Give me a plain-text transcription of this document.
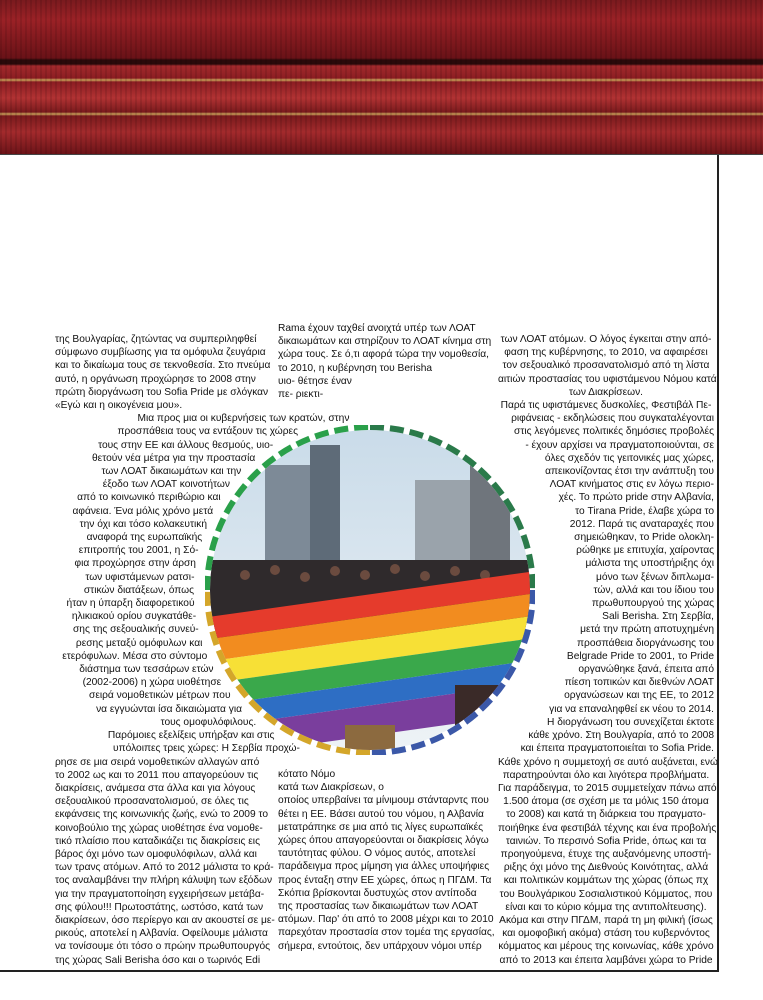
της Βουλγαρίας, ζητώντας να συμπεριληφθεί
σύμφωνο συμβίωσης για τα ομόφυλα ζευγάρια
και το δικαίωμα τους σε τεκνοθεσία. Στο πνεύμα
αυτό, η οργάνωση προχώρησε το 2008 στην
πρώτη διοργάνωση του Sofia Pride με σλόγκαν
«Εγώ και η οικογένεια μου».
Μια προς μια οι κυβερνήσεις των κρατών, στην
προσπάθεια τους να εντάξουν τις χώρες
τους στην ΕΕ και άλλους θεσμούς, υιο-
θετούν νέα μέτρα για την προστασία
των ΛΟΑΤ δικαιωμάτων και την
έξοδο των ΛΟΑΤ κοινοτήτων
από το κοινωνικό περιθώριο και
αφάνεια. Ένα μόλις χρόνο μετά
την όχι και τόσο κολακευτική
αναφορά της ευρωπαϊκής
επιτροπής του 2001, η Σό-
φια προχώρησε στην άρση
των υφιστάμενων ρατσι-
στικών διατάξεων, όπως
ήταν η ύπαρξη διαφορετικού
ηλικιακού ορίου συγκατάθε-
σης της σεξουαλικής συνεύ-
ρεσης μεταξύ ομόφυλων και
ετερόφυλων. Μέσα στο σύντομο
διάστημα των τεσσάρων ετών
(2002-2006) η χώρα υιοθέτησε
σειρά νομοθετικών μέτρων που
να εγγυώνται ίσα δικαιώματα για
τους ομοφυλόφιλους.
Παρόμοιες εξελίξεις υπήρξαν και στις
υπόλοιπες τρεις χώρες: Η Σερβία προχώ-
ρησε σε μια σειρά νομοθετικών αλλαγών από
το 2002 ως και το 2011 που απαγορεύουν τις
διακρίσεις, ανάμεσα στα άλλα και για λόγους
σεξουαλικού προσανατολισμού, σε όλες τις
εκφάνσεις της κοινωνικής ζωής, ενώ το 2009 το
κοινοβούλιο της χώρας υιοθέτησε ένα νομοθε-
τικό πλαίσιο που καταδικάζει τις διακρίσεις εις
βάρος όχι μόνο των ομοφυλόφιλων, αλλά και
των τρανς ατόμων. Από το 2012 μάλιστα το κρά-
τος αναλαμβάνει την πλήρη κάλυψη των εξόδων
για την πραγματοποίηση εγχειρήσεων μετάβα-
σης φύλου!!! Πρωτοστάτης, ωστόσο, κατά των
διακρίσεων, όσο περίεργο και αν ακουστεί σε με-
ρικούς, αποτελεί η Αλβανία. Οφείλουμε μάλιστα
να τονίσουμε ότι τόσο ο πρώην πρωθυπουργός
της χώρας Sali Berisha όσο και ο τωρινός Edi
Rama έχουν ταχθεί ανοιχτά υπέρ των ΛΟΑΤ
δικαιωμάτων και στηρίζουν το ΛΟΑΤ κίνημα στη
χώρα τους. Σε ό,τι αφορά τώρα την νομοθεσία,
το 2010, η κυβέρνηση του Berisha
υιο- θέτησε έναν
πε- ριεκτι-
κότατο Νόμο
κατά των Διακρίσεων, ο
οποίος υπερβαίνει τα μίνιμουμ στάνταρντς που
θέτει η ΕΕ. Βάσει αυτού του νόμου, η Αλβανία
μετατράπηκε σε μια από τις λίγες ευρωπαϊκές
χώρες όπου απαγορεύονται οι διακρίσεις λόγω
ταυτότητας φύλου. Ο νόμος αυτός, αποτελεί
παράδειγμα προς μίμηση για άλλες υποψήφιες
προς ένταξη στην ΕΕ χώρες, όπως η ΠΓΔΜ. Τα
Σκόπια βρίσκονται δυστυχώς στον αντίποδα
της προστασίας των δικαιωμάτων των ΛΟΑΤ
ατόμων. Παρ' ότι από το 2008 μέχρι και το 2010
παρεχόταν προστασία στον τομέα της εργασίας,
σήμερα, εντούτοις, δεν υπάρχουν νόμοι υπέρ
των ΛΟΑΤ ατόμων. Ο λόγος έγκειται στην από-
φαση της κυβέρνησης, το 2010, να αφαιρέσει
τον σεξουαλικό προσανατολισμό από τη λίστα
αιτιών προστασίας του υφιστάμενου Νόμου κατά
των Διακρίσεων.
Παρά τις υφιστάμενες δυσκολίες, Φεστιβάλ Πε-
ριφάνειας - εκδηλώσεις που συγκαταλέγονται
στις λεγόμενες πολιτικές δημόσιες προβολές
- έχουν αρχίσει να πραγματοποιούνται, σε
όλες σχεδόν τις γειτονικές μας χώρες,
απεικονίζοντας έτσι την ανάπτυξη του
ΛΟΑΤ κινήματος στις εν λόγω περιο-
χές. Το πρώτο pride στην Αλβανία,
το Tirana Pride, έλαβε χώρα το
2012. Παρά τις αναταραχές που
σημειώθηκαν, το Pride ολοκλη-
ρώθηκε με επιτυχία, χαίροντας
μάλιστα της υποστήριξης όχι
μόνο των ξένων διπλωμα-
τών, αλλά και του ίδιου του
πρωθυπουργού της χώρας
Sali Berisha. Στη Σερβία,
μετά την πρώτη αποτυχημένη
προσπάθεια διοργάνωσης του
Belgrade Pride το 2001, το Pride
οργανώθηκε ξανά, έπειτα από
πίεση τοπικών και διεθνών ΛΟΑΤ
οργανώσεων και της ΕΕ, το 2012
για να επαναληφθεί εκ νέου το 2014.
Η διοργάνωση του συνεχίζεται έκτοτε
κάθε χρόνο. Στη Βουλγαρία, από το 2008
και έπειτα πραγματοποιείται το Sofia Pride.
Κάθε χρόνο η συμμετοχή σε αυτό αυξάνεται, ενώ
παρατηρούνται όλο και λιγότερα προβλήματα.
Για παράδειγμα, το 2015 συμμετείχαν πάνω από
1.500 άτομα (σε σχέση με τα μόλις 150 άτομα
το 2008) και κατά τη διάρκεια του πραγματο-
ποιήθηκε ένα φεστιβάλ τέχνης και ένα προβολής
ταινιών. Το περσινό Sofia Pride, όπως και τα
προηγούμενα, έτυχε της αυξανόμενης υποστή-
ριξης όχι μόνο της Διεθνούς Κοινότητας, αλλά
και πολιτικών κομμάτων της χώρας (όπως πχ
του Βουλγάρικου Σοσιαλιστικού Κόμματος, που
είναι και το κύριο κόμμα της αντιπολίτευσης).
Ακόμα και στην ΠΓΔΜ, παρά τη μη φιλική (ίσως
και ομοφοβική ακόμα) στάση του κυβερνόντος
κόμματος και μέρους της κοινωνίας, κάθε χρόνο
από το 2013 και έπειτα λαμβάνει χώρα το Pride
